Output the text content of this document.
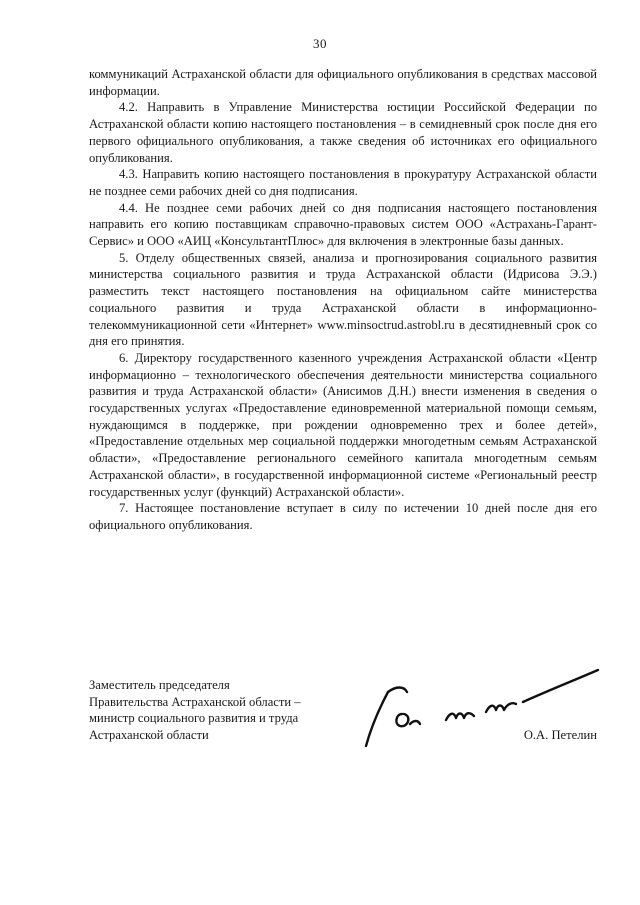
30

коммуникаций Астраханской области для официального опубликования в средствах массовой информации.

4.2. Направить в Управление Министерства юстиции Российской Федерации по Астраханской области копию настоящего постановления – в семидневный срок после дня его первого официального опубликования, а также сведения об источниках его официального опубликования.

4.3. Направить копию настоящего постановления в прокуратуру Астраханской области не позднее семи рабочих дней со дня подписания.

4.4. Не позднее семи рабочих дней со дня подписания настоящего постановления направить его копию поставщикам справочно-правовых систем ООО «Астрахань-Гарант-Сервис» и ООО «АИЦ «КонсультантПлюс» для включения в электронные базы данных.

5. Отделу общественных связей, анализа и прогнозирования социального развития министерства социального развития и труда Астраханской области (Идрисова Э.Э.) разместить текст настоящего постановления на официальном сайте министерства социального развития и труда Астраханской области в информационно-телекоммуникационной сети «Интернет» www.minsoctrud.astrobl.ru в десятидневный срок со дня его принятия.

6. Директору государственного казенного учреждения Астраханской области «Центр информационно – технологического обеспечения деятельности министерства социального развития и труда Астраханской области» (Анисимов Д.Н.) внести изменения в сведения о государственных услугах «Предоставление единовременной материальной помощи семьям, нуждающимся в поддержке, при рождении одновременно трех и более детей», «Предоставление отдельных мер социальной поддержки многодетным семьям Астраханской области», «Предоставление регионального семейного капитала многодетным семьям Астраханской области», в государственной информационной системе «Региональный реестр государственных услуг (функций) Астраханской области».

7. Настоящее постановление вступает в силу по истечении 10 дней после дня его официального опубликования.

Заместитель председателя
Правительства Астраханской области –
министр социального развития и труда
Астраханской области	О.А. Петелин
